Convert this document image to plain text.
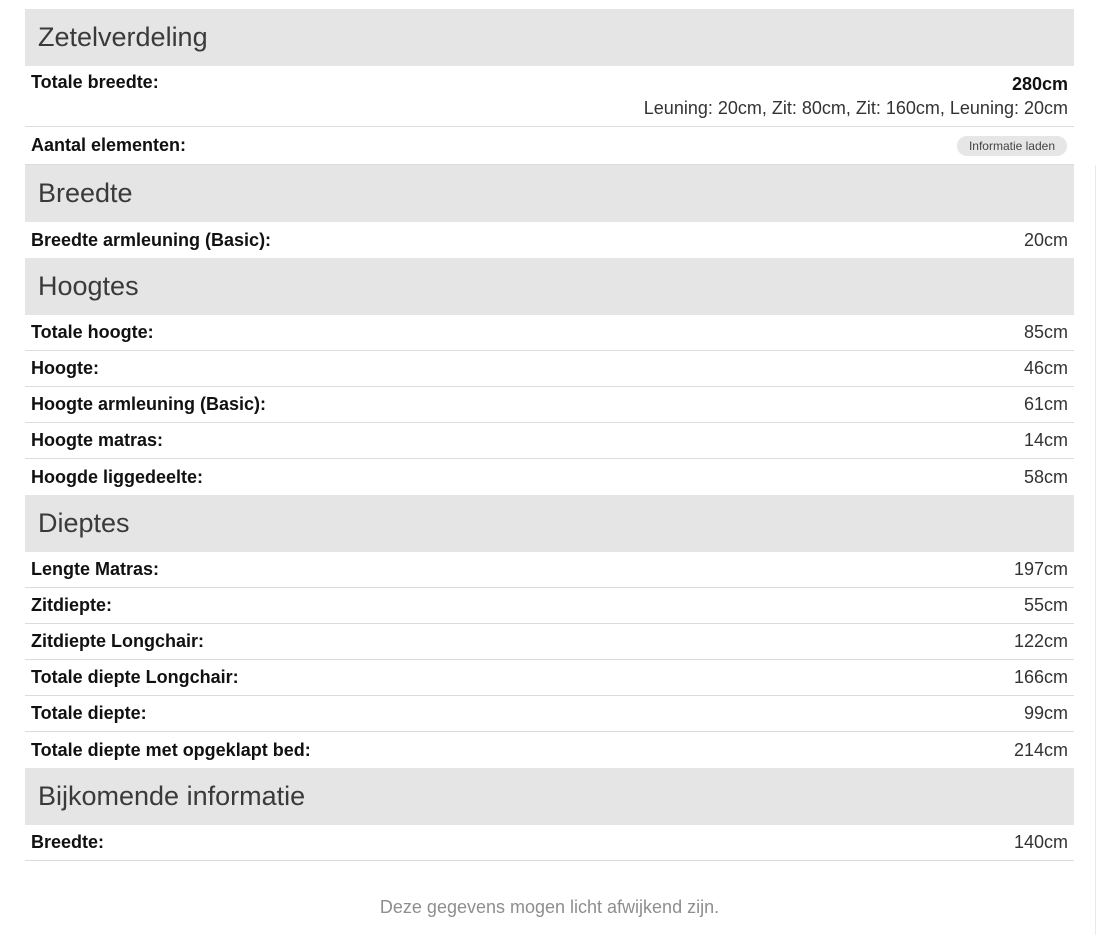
Zetelverdeling
Totale breedte:	280cm
Leuning: 20cm, Zit: 80cm, Zit: 160cm, Leuning: 20cm
Aantal elementen:	Informatie laden
Breedte
Breedte armleuning (Basic):	20cm
Hoogtes
Totale hoogte:	85cm
Hoogte:	46cm
Hoogte armleuning (Basic):	61cm
Hoogte matras:	14cm
Hoogde liggedeelte:	58cm
Dieptes
Lengte Matras:	197cm
Zitdiepte:	55cm
Zitdiepte Longchair:	122cm
Totale diepte Longchair:	166cm
Totale diepte:	99cm
Totale diepte met opgeklapt bed:	214cm
Bijkomende informatie
Breedte:	140cm
Deze gegevens mogen licht afwijkend zijn.
